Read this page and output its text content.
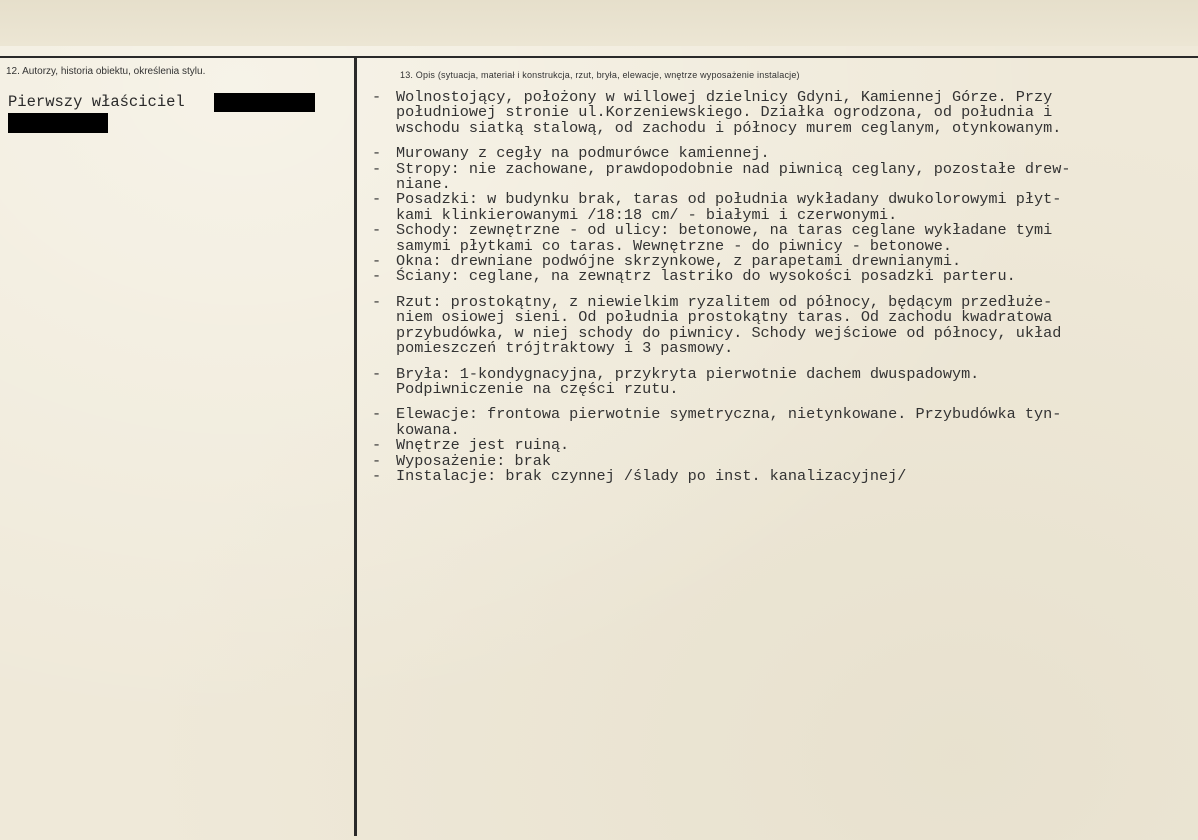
12. Autorzy, historia obiektu, określenia stylu.	13. Opis (sytuacja, materiał i konstrukcja, rzut, bryła, elewacje, wnętrze wyposażenie instalacje)
Pierwszy właściciel	- Wolnostojący, położony w willowej dzielnicy Gdyni, Kamiennej Górze. Przy
południowej stronie ul.Korzeniewskiego. Działka ogrodzona, od południa i
wschodu siatką stalową, od zachodu i północy murem ceglanym, otynkowanym.
- Murowany z cegły na podmurówce kamiennej.
- Stropy: nie zachowane, prawdopodobnie nad piwnicą ceglany, pozostałe drew-
niane.
- Posadzki: w budynku brak, taras od południa wykładany dwukolorowymi płyt-
kami klinkierowanymi /18:18 cm/ - białymi i czerwonymi.
- Schody: zewnętrzne - od ulicy: betonowe, na taras ceglane wykładane tymi
samymi płytkami co taras. Wewnętrzne - do piwnicy - betonowe.
- Okna: drewniane podwójne skrzynkowe, z parapetami drewnianymi.
- Ściany: ceglane, na zewnątrz lastriko do wysokości posadzki parteru.
- Rzut: prostokątny, z niewielkim ryzalitem od północy, będącym przedłuże-
niem osiowej sieni. Od południa prostokątny taras. Od zachodu kwadratowa
przybudówka, w niej schody do piwnicy. Schody wejściowe od północy, układ
pomieszczeń trójtraktowy i 3 pasmowy.
- Bryła: 1-kondygnacyjna, przykryta pierwotnie dachem dwuspadowym.
Podpiwniczenie na części rzutu.
- Elewacje: frontowa pierwotnie symetryczna, nietynkowane. Przybudówka tyn-
kowana.
- Wnętrze jest ruiną.
- Wyposażenie: brak
- Instalacje: brak czynnej /ślady po inst. kanalizacyjnej/
